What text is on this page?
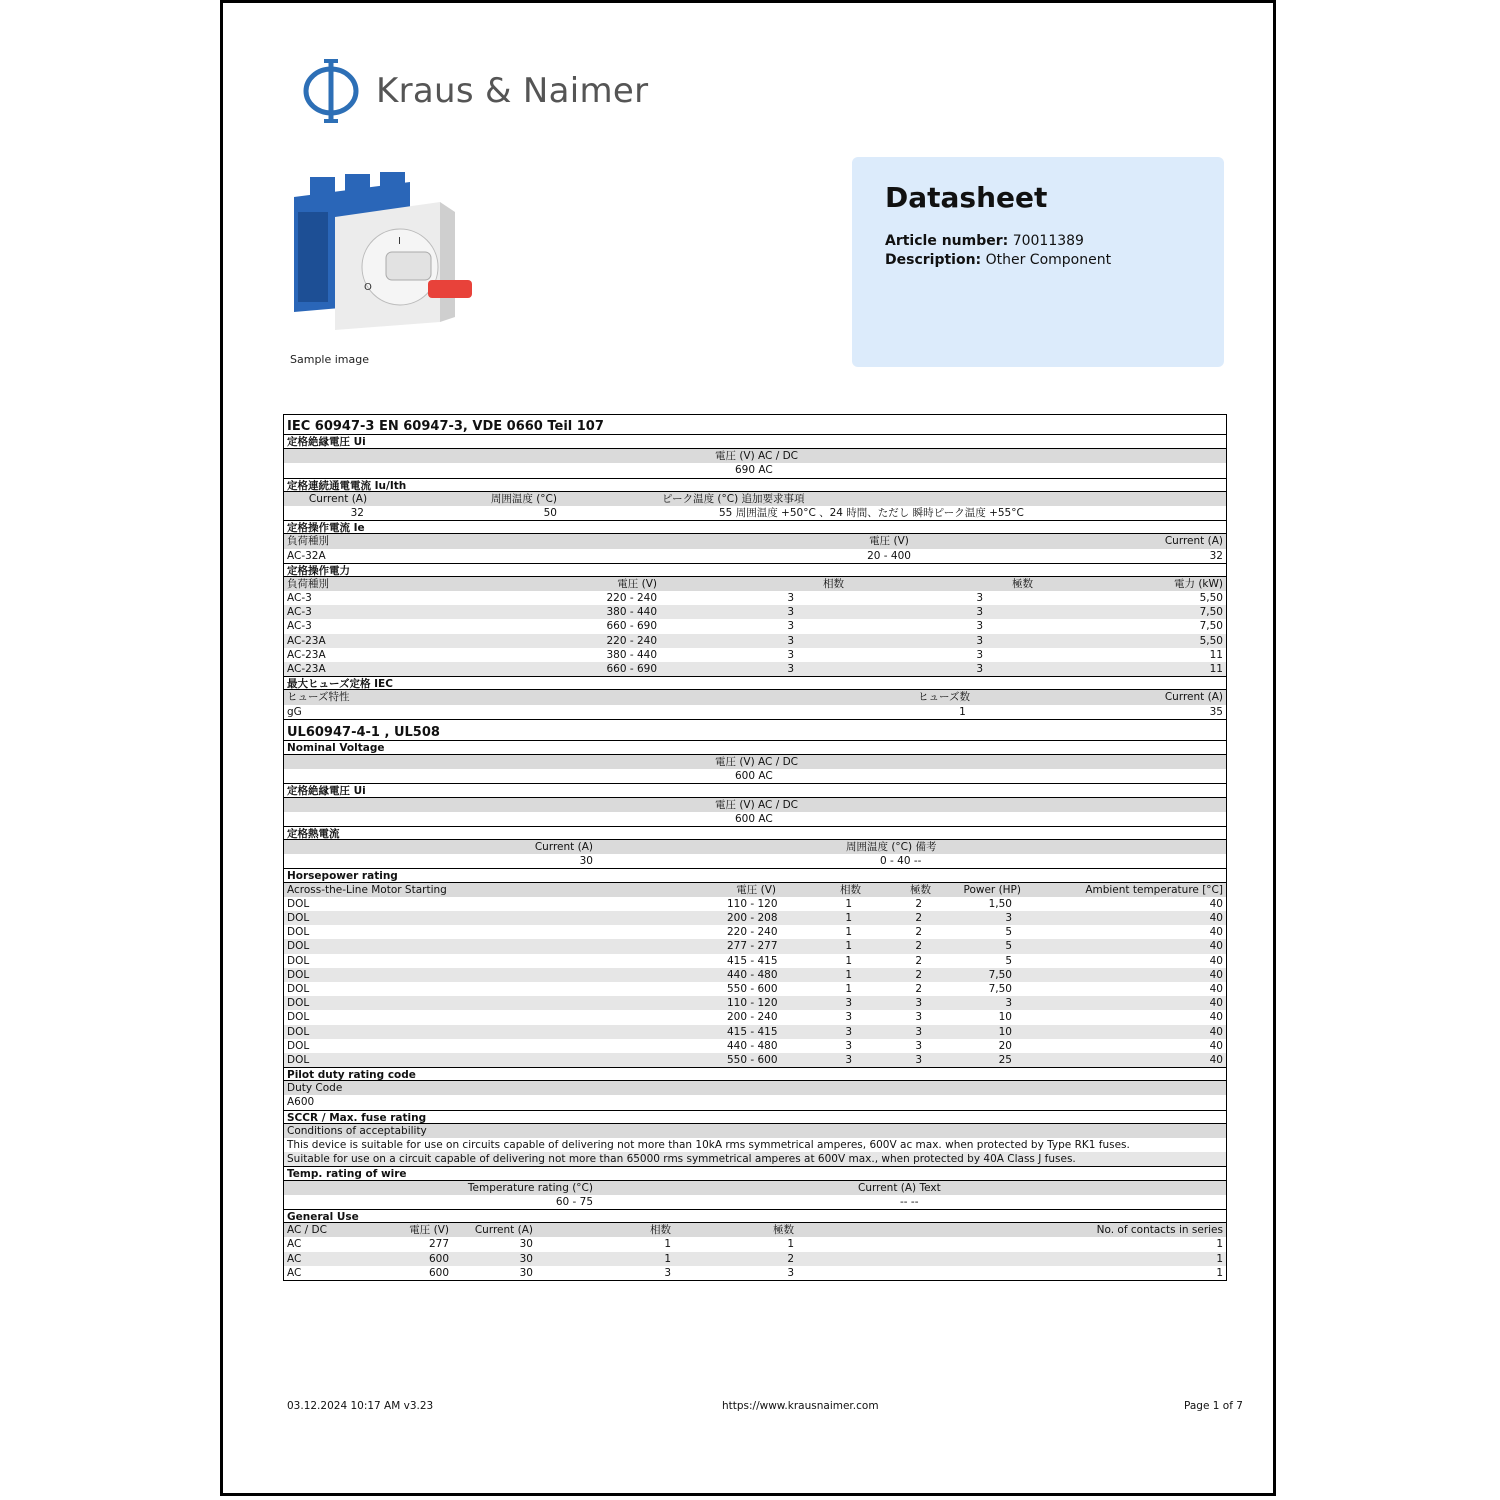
Kraus & Naimer
I
O
Sample image
Datasheet
Article number: 70011389
Description: Other Component
IEC 60947-3 EN 60947-3, VDE 0660 Teil 107
定格絶縁電圧 Ui
電圧 (V) AC / DC
690 AC
定格連続通電電流 Iu/Ith
Current (A)	周囲温度 (°C)	ピーク温度 (°C) 追加要求事項
32	50	55 周囲温度 +50°C 、24 時間、ただし 瞬時ピーク温度 +55°C
定格操作電流 Ie
負荷種別	電圧 (V)	Current (A)
AC-32A	20 - 400	32
定格操作電力
負荷種別	電圧 (V)	相数	極数	電力 (kW)
AC-3	220 - 240	3	3	5,50
AC-3	380 - 440	3	3	7,50
AC-3	660 - 690	3	3	7,50
AC-23A	220 - 240	3	3	5,50
AC-23A	380 - 440	3	3	11
AC-23A	660 - 690	3	3	11
最大ヒューズ定格 IEC
ヒューズ特性	ヒューズ数	Current (A)
gG	1	35
UL60947-4-1 , UL508
Nominal Voltage
電圧 (V) AC / DC
600 AC
定格絶縁電圧 Ui
電圧 (V) AC / DC
600 AC
定格熱電流
Current (A)	周囲温度 (°C) 備考
30	0 - 40 --
Horsepower rating
Across-the-Line Motor Starting	電圧 (V)	相数	極数	Power (HP)	Ambient temperature [°C]
DOL	110 - 120	1	2	1,50	40
DOL	200 - 208	1	2	3	40
DOL	220 - 240	1	2	5	40
DOL	277 - 277	1	2	5	40
DOL	415 - 415	1	2	5	40
DOL	440 - 480	1	2	7,50	40
DOL	550 - 600	1	2	7,50	40
DOL	110 - 120	3	3	3	40
DOL	200 - 240	3	3	10	40
DOL	415 - 415	3	3	10	40
DOL	440 - 480	3	3	20	40
DOL	550 - 600	3	3	25	40
Pilot duty rating code
Duty Code
A600
SCCR / Max. fuse rating
Conditions of acceptability
This device is suitable for use on circuits capable of delivering not more than 10kA rms symmetrical amperes, 600V ac max. when protected by Type RK1 fuses.
Suitable for use on a circuit capable of delivering not more than 65000 rms symmetrical amperes at 600V max., when protected by 40A Class J fuses.
Temp. rating of wire
Temperature rating (°C)	Current (A) Text
60 - 75	-- --
General Use
AC / DC	電圧 (V)	Current (A)	相数	極数	No. of contacts in series
AC	277	30	1	1	1
AC	600	30	1	2	1
AC	600	30	3	3	1
03.12.2024 10:17 AM v3.23	https://www.krausnaimer.com	Page 1 of 7
